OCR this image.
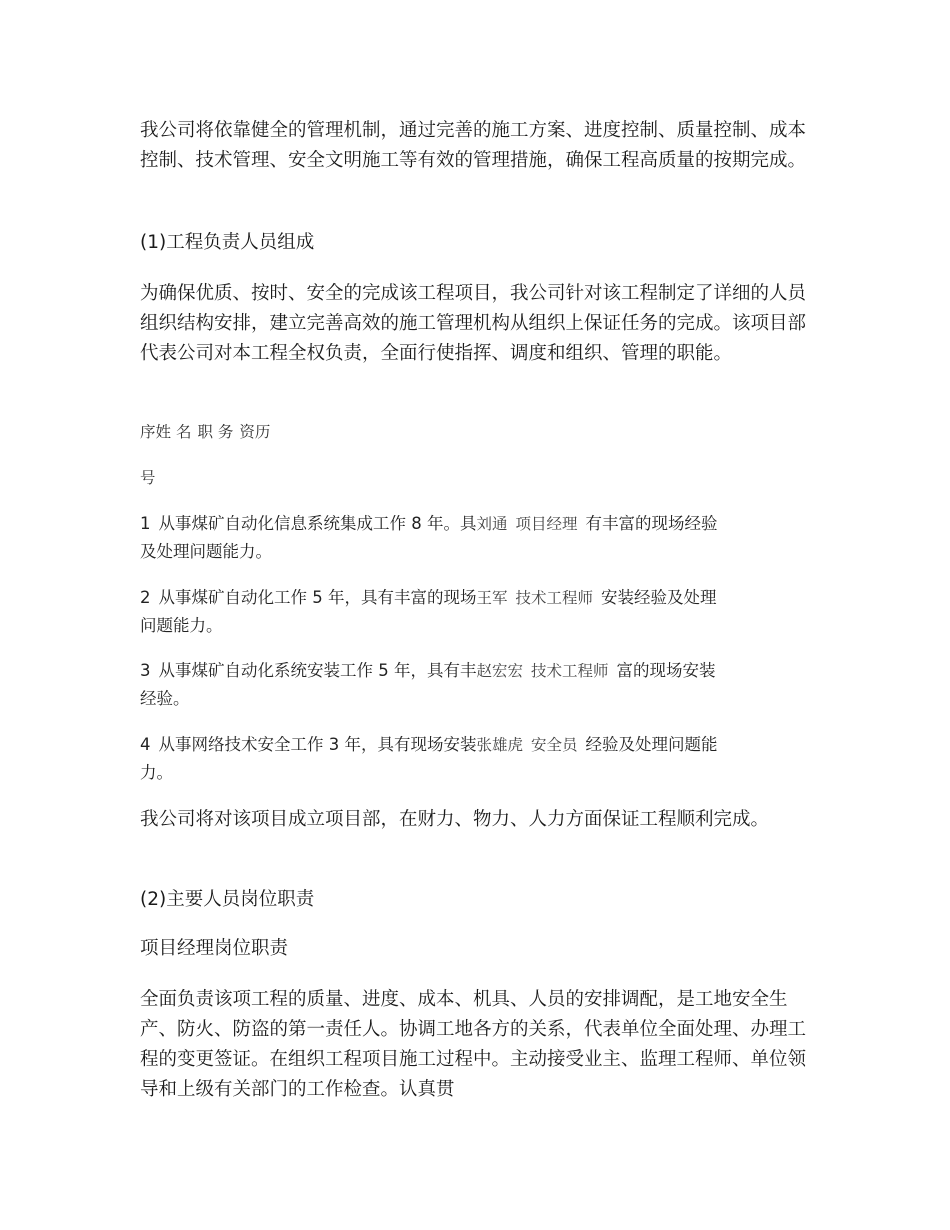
我公司将依靠健全的管理机制，通过完善的施工方案、进度控制、质量控制、成本控制、技术管理、安全文明施工等有效的管理措施，确保工程高质量的按期完成。

(1)工程负责人员组成

为确保优质、按时、安全的完成该工程项目，我公司针对该工程制定了详细的人员组织结构安排，建立完善高效的施工管理机构从组织上保证任务的完成。该项目部代表公司对本工程全权负责，全面行使指挥、调度和组织、管理的职能。

序姓 名 职 务 资历
号
1 从事煤矿自动化信息系统集成工作 8 年。具刘通 项目经理 有丰富的现场经验
及处理问题能力。
2 从事煤矿自动化工作 5 年，具有丰富的现场王军 技术工程师 安装经验及处理
问题能力。
3 从事煤矿自动化系统安装工作 5 年，具有丰赵宏宏 技术工程师 富的现场安装
经验。
4 从事网络技术安全工作 3 年，具有现场安装张雄虎 安全员 经验及处理问题能
力。

我公司将对该项目成立项目部，在财力、物力、人力方面保证工程顺利完成。

(2)主要人员岗位职责

项目经理岗位职责

全面负责该项工程的质量、进度、成本、机具、人员的安排调配，是工地安全生产、防火、防盗的第一责任人。协调工地各方的关系，代表单位全面处理、办理工程的变更签证。在组织工程项目施工过程中。主动接受业主、监理工程师、单位领导和上级有关部门的工作检查。认真贯
